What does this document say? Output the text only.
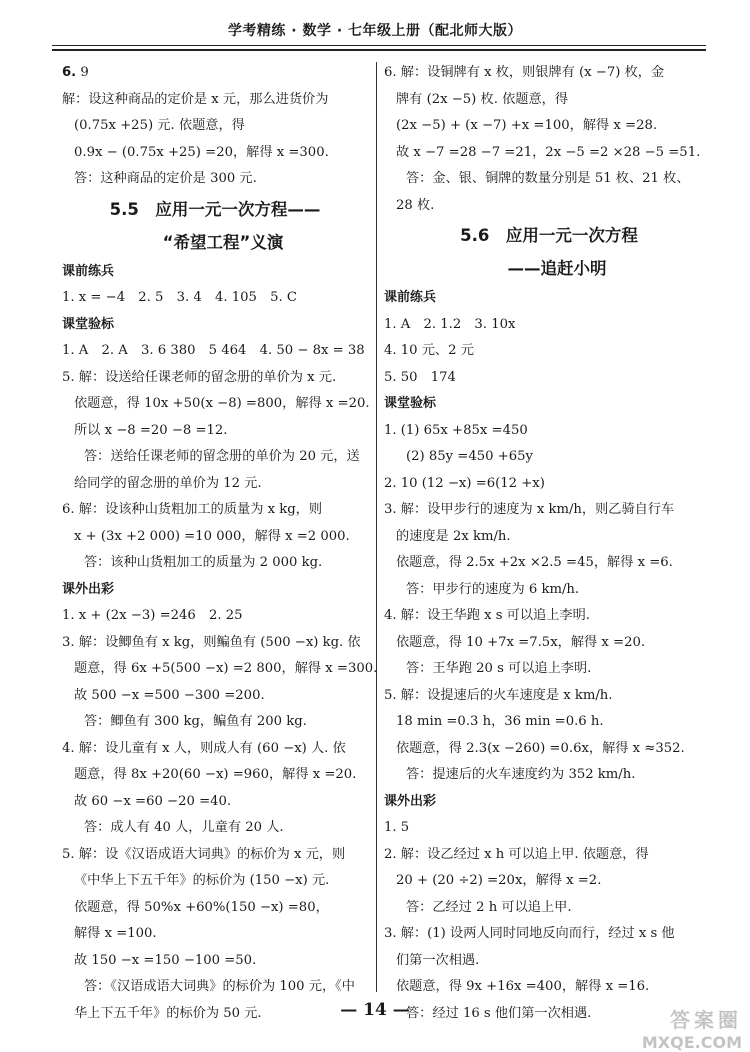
学考精练 · 数学 · 七年级上册（配北师大版）
6. 9
解：设这种商品的定价是 x 元，那么进货价为
(0.75x +25) 元. 依题意，得
0.9x − (0.75x +25) =20，解得 x =300.
答：这种商品的定价是 300 元.
5.5　应用一元一次方程——
“希望工程”义演
课前练兵
1. x = −4　2. 5　3. 4　4. 105　5. C
课堂验标
1. A　2. A　3. 6 380　5 464　4. 50 − 8x = 38
5. 解：设送给任课老师的留念册的单价为 x 元.
依题意，得 10x +50(x −8) =800，解得 x =20.
所以 x −8 =20 −8 =12.
答：送给任课老师的留念册的单价为 20 元，送
给同学的留念册的单价为 12 元.
6. 解：设该种山货粗加工的质量为 x kg，则
x + (3x +2 000) =10 000，解得 x =2 000.
答：该种山货粗加工的质量为 2 000 kg.
课外出彩
1. x + (2x −3) =246　2. 25
3. 解：设鲫鱼有 x kg，则鳊鱼有 (500 −x) kg. 依
题意，得 6x +5(500 −x) =2 800，解得 x =300.
故 500 −x =500 −300 =200.
答：鲫鱼有 300 kg，鳊鱼有 200 kg.
4. 解：设儿童有 x 人，则成人有 (60 −x) 人. 依
题意，得 8x +20(60 −x) =960，解得 x =20.
故 60 −x =60 −20 =40.
答：成人有 40 人，儿童有 20 人.
5. 解：设《汉语成语大词典》的标价为 x 元，则
《中华上下五千年》的标价为 (150 −x) 元.
依题意，得 50%x +60%(150 −x) =80，
解得 x =100.
故 150 −x =150 −100 =50.
答：《汉语成语大词典》的标价为 100 元，《中
华上下五千年》的标价为 50 元.
6. 解：设铜牌有 x 枚，则银牌有 (x −7) 枚，金
牌有 (2x −5) 枚. 依题意，得
(2x −5) + (x −7) +x =100，解得 x =28.
故 x −7 =28 −7 =21，2x −5 =2 ×28 −5 =51.
答：金、银、铜牌的数量分别是 51 枚、21 枚、
28 枚.
5.6　应用一元一次方程
——追赶小明
课前练兵
1. A　2. 1.2　3. 10x
4. 10 元、2 元
5. 50　174
课堂验标
1. (1) 65x +85x =450
(2) 85y =450 +65y
2. 10 (12 −x) =6(12 +x)
3. 解：设甲步行的速度为 x km/h，则乙骑自行车
的速度是 2x km/h.
依题意，得 2.5x +2x ×2.5 =45，解得 x =6.
答：甲步行的速度为 6 km/h.
4. 解：设王华跑 x s 可以追上李明.
依题意，得 10 +7x =7.5x，解得 x =20.
答：王华跑 20 s 可以追上李明.
5. 解：设提速后的火车速度是 x km/h.
18 min =0.3 h，36 min =0.6 h.
依题意，得 2.3(x −260) =0.6x，解得 x ≈352.
答：提速后的火车速度约为 352 km/h.
课外出彩
1. 5
2. 解：设乙经过 x h 可以追上甲. 依题意，得
20 + (20 ÷2) =20x，解得 x =2.
答：乙经过 2 h 可以追上甲.
3. 解：(1) 设两人同时同地反向而行，经过 x s 他
们第一次相遇.
依题意，得 9x +16x =400，解得 x =16.
答：经过 16 s 他们第一次相遇.
— 14 —	答案圈
MXQE.COM
